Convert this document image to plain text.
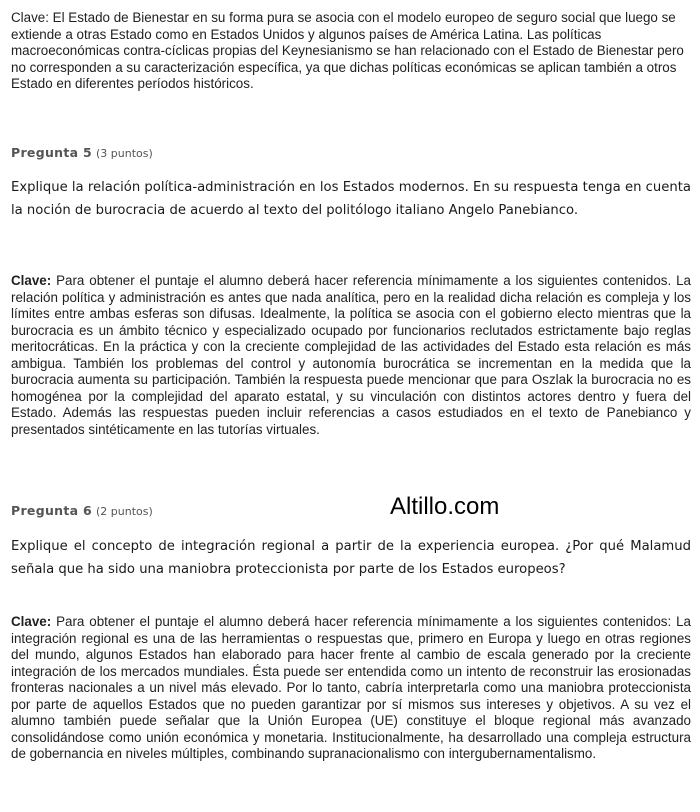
Clave: El Estado de Bienestar en su forma pura se asocia con el modelo europeo de seguro social que luego se extiende a otras Estado como en Estados Unidos y algunos países de América Latina. Las políticas macroeconómicas contra-cíclicas propias del Keynesianismo se han relacionado con el Estado de Bienestar pero no corresponden a su caracterización específica, ya que dichas políticas económicas se aplican también a otros Estado en diferentes períodos históricos.
Pregunta 5 (3 puntos)
Explique la relación política-administración en los Estados modernos. En su respuesta tenga en cuenta la noción de burocracia de acuerdo al texto del politólogo italiano Angelo Panebianco.
Clave: Para obtener el puntaje el alumno deberá hacer referencia mínimamente a los siguientes contenidos. La relación política y administración es antes que nada analítica, pero en la realidad dicha relación es compleja y los límites entre ambas esferas son difusas. Idealmente, la política se asocia con el gobierno electo mientras que la burocracia es un ámbito técnico y especializado ocupado por funcionarios reclutados estrictamente bajo reglas meritocráticas. En la práctica y con la creciente complejidad de las actividades del Estado esta relación es más ambigua. También los problemas del control y autonomía burocrática se incrementan en la medida que la burocracia aumenta su participación. También la respuesta puede mencionar que para Oszlak la burocracia no es homogénea por la complejidad del aparato estatal, y su vinculación con distintos actores dentro y fuera del Estado. Además las respuestas pueden incluir referencias a casos estudiados en el texto de Panebianco y presentados sintéticamente en las tutorías virtuales.
Pregunta 6 (2 puntos)	Altillo.com
Explique el concepto de integración regional a partir de la experiencia europea. ¿Por qué Malamud señala que ha sido una maniobra proteccionista por parte de los Estados europeos?
Clave: Para obtener el puntaje el alumno deberá hacer referencia mínimamente a los siguientes contenidos: La integración regional es una de las herramientas o respuestas que, primero en Europa y luego en otras regiones del mundo, algunos Estados han elaborado para hacer frente al cambio de escala generado por la creciente integración de los mercados mundiales. Ésta puede ser entendida como un intento de reconstruir las erosionadas fronteras nacionales a un nivel más elevado. Por lo tanto, cabría interpretarla como una maniobra proteccionista por parte de aquellos Estados que no pueden garantizar por sí mismos sus intereses y objetivos. A su vez el alumno también puede señalar que la Unión Europea (UE) constituye el bloque regional más avanzado consolidándose como unión económica y monetaria. Institucionalmente, ha desarrollado una compleja estructura de gobernancia en niveles múltiples, combinando supranacionalismo con intergubernamentalismo.
